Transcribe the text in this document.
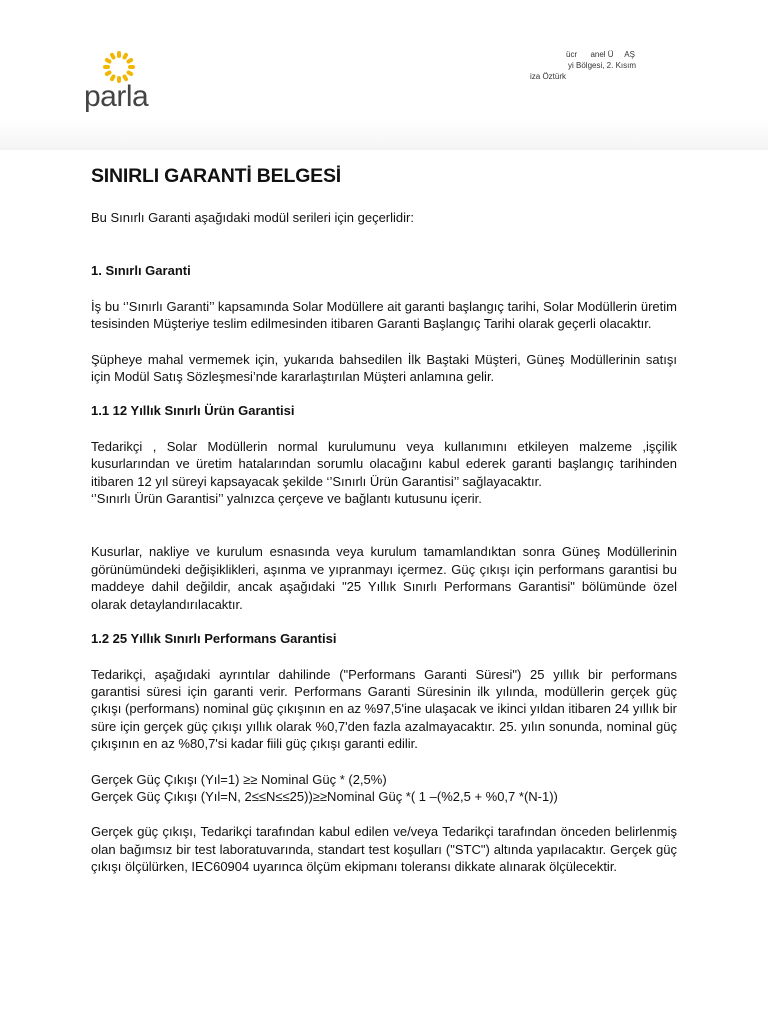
parla
ücr      anel Ü     AŞ
yi Bölgesi, 2. Kısım
iza Öztürk
SINIRLI GARANTİ BELGESİ

Bu Sınırlı Garanti aşağıdaki modül serileri için geçerlidir:

1. Sınırlı Garanti

İş bu ‘’Sınırlı Garanti’’ kapsamında Solar Modüllere ait garanti başlangıç tarihi, Solar Modüllerin üretim tesisinden Müşteriye teslim edilmesinden itibaren Garanti Başlangıç Tarihi olarak geçerli olacaktır.

Şüpheye mahal vermemek için, yukarıda bahsedilen İlk Baştaki Müşteri, Güneş Modüllerinin satışı için Modül Satış Sözleşmesi’nde kararlaştırılan Müşteri anlamına gelir.

1.1 12 Yıllık Sınırlı Ürün Garantisi

Tedarikçi , Solar Modüllerin normal kurulumunu veya kullanımını etkileyen malzeme ,işçilik kusurlarından ve üretim hatalarından sorumlu olacağını kabul ederek garanti başlangıç tarihinden itibaren 12 yıl süreyi kapsayacak şekilde ‘’Sınırlı Ürün Garantisi’’ sağlayacaktır.

‘’Sınırlı Ürün Garantisi’’ yalnızca çerçeve ve bağlantı kutusunu içerir.

Kusurlar, nakliye ve kurulum esnasında veya kurulum tamamlandıktan sonra Güneş Modüllerinin görünümündeki değişiklikleri, aşınma ve yıpranmayı içermez. Güç çıkışı için performans garantisi bu maddeye dahil değildir, ancak aşağıdaki "25 Yıllık Sınırlı Performans Garantisi" bölümünde özel olarak detaylandırılacaktır.

1.2 25 Yıllık Sınırlı Performans Garantisi

Tedarikçi, aşağıdaki ayrıntılar dahilinde ("Performans Garanti Süresi") 25 yıllık bir performans garantisi süresi için garanti verir. Performans Garanti Süresinin ilk yılında, modüllerin gerçek güç çıkışı (performans) nominal güç çıkışının en az %97,5'ine ulaşacak ve ikinci yıldan itibaren 24 yıllık bir süre için gerçek güç çıkışı yıllık olarak %0,7'den fazla azalmayacaktır. 25. yılın sonunda, nominal güç çıkışının en az %80,7'si kadar fiili güç çıkışı garanti edilir.

Gerçek Güç Çıkışı (Yıl=1) ≥≥ Nominal Güç * (2,5%)

Gerçek Güç Çıkışı (Yıl=N, 2≤≤N≤≤25))≥≥Nominal Güç *( 1 –(%2,5 + %0,7 *(N-1))

Gerçek güç çıkışı, Tedarikçi tarafından kabul edilen ve/veya Tedarikçi tarafından önceden belirlenmiş olan bağımsız bir test laboratuvarında, standart test koşulları ("STC") altında yapılacaktır. Gerçek güç çıkışı ölçülürken, IEC60904 uyarınca ölçüm ekipmanı toleransı dikkate alınarak ölçülecektir.
